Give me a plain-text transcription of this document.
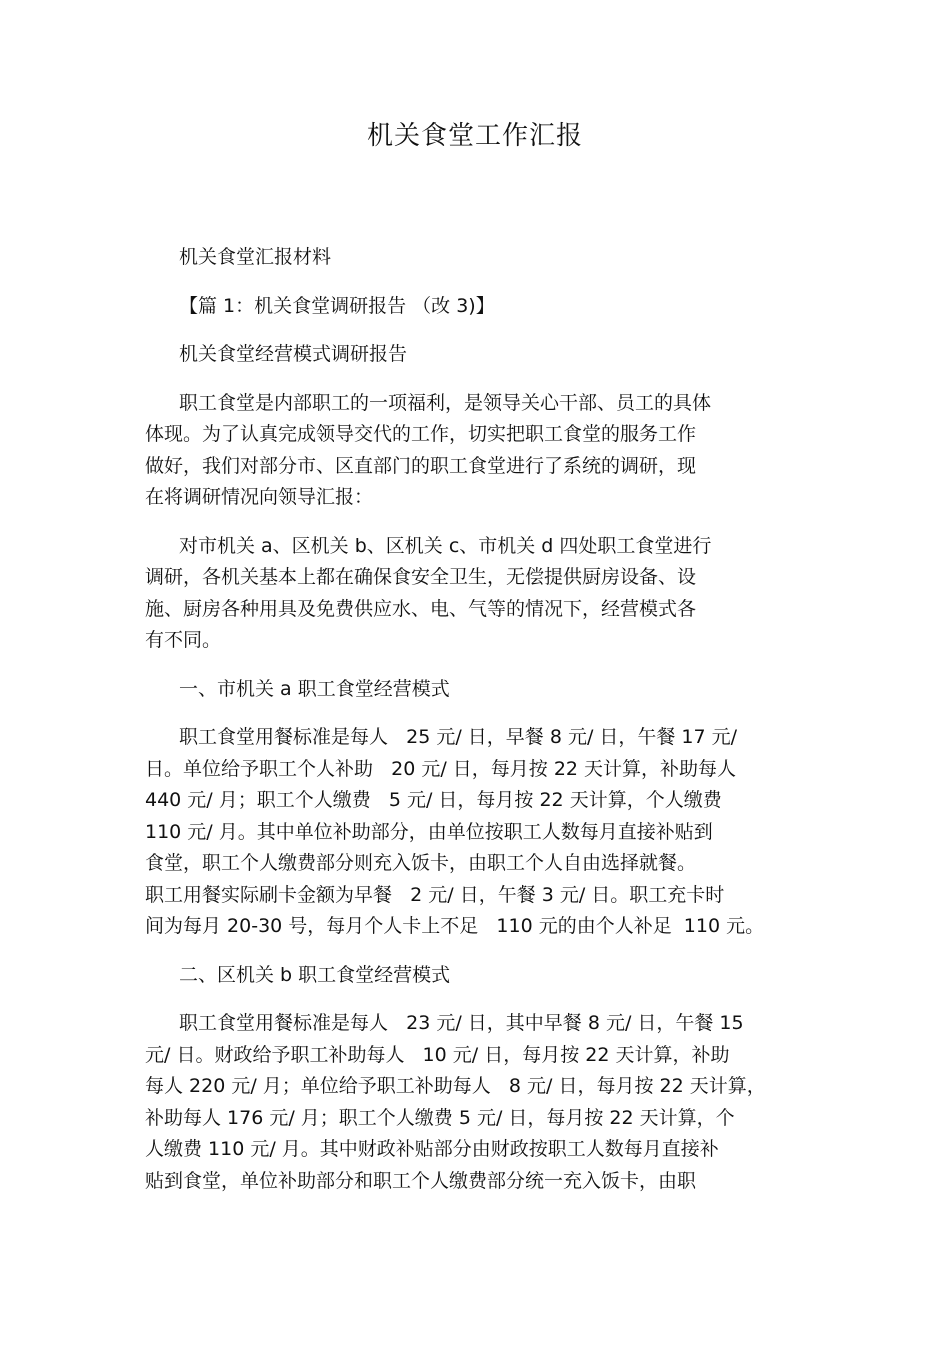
机关食堂工作汇报

机关食堂汇报材料

【篇 1：机关食堂调研报告 （改 3)】

机关食堂经营模式调研报告

职工食堂是内部职工的一项福利，是领导关心干部、员工的具体
体现。为了认真完成领导交代的工作，切实把职工食堂的服务工作
做好，我们对部分市、区直部门的职工食堂进行了系统的调研，现
在将调研情况向领导汇报：

对市机关 a、区机关 b、区机关 c、市机关 d 四处职工食堂进行
调研，各机关基本上都在确保食安全卫生，无偿提供厨房设备、设
施、厨房各种用具及免费供应水、电、气等的情况下，经营模式各
有不同。

一、市机关 a 职工食堂经营模式

职工食堂用餐标准是每人   25 元/ 日，早餐 8 元/ 日，午餐 17 元/
日。单位给予职工个人补助   20 元/ 日，每月按 22 天计算，补助每人
440 元/ 月；职工个人缴费   5 元/ 日，每月按 22 天计算，个人缴费
110 元/ 月。其中单位补助部分，由单位按职工人数每月直接补贴到
食堂，职工个人缴费部分则充入饭卡，由职工个人自由选择就餐。
职工用餐实际刷卡金额为早餐   2 元/ 日，午餐 3 元/ 日。职工充卡时
间为每月 20-30 号，每月个人卡上不足   110 元的由个人补足  110 元。

二、区机关 b 职工食堂经营模式

职工食堂用餐标准是每人   23 元/ 日，其中早餐 8 元/ 日，午餐 15
元/ 日。财政给予职工补助每人   10 元/ 日，每月按 22 天计算，补助
每人 220 元/ 月；单位给予职工补助每人   8 元/ 日，每月按 22 天计算，
补助每人 176 元/ 月；职工个人缴费 5 元/ 日，每月按 22 天计算，个
人缴费 110 元/ 月。其中财政补贴部分由财政按职工人数每月直接补
贴到食堂，单位补助部分和职工个人缴费部分统一充入饭卡，由职
